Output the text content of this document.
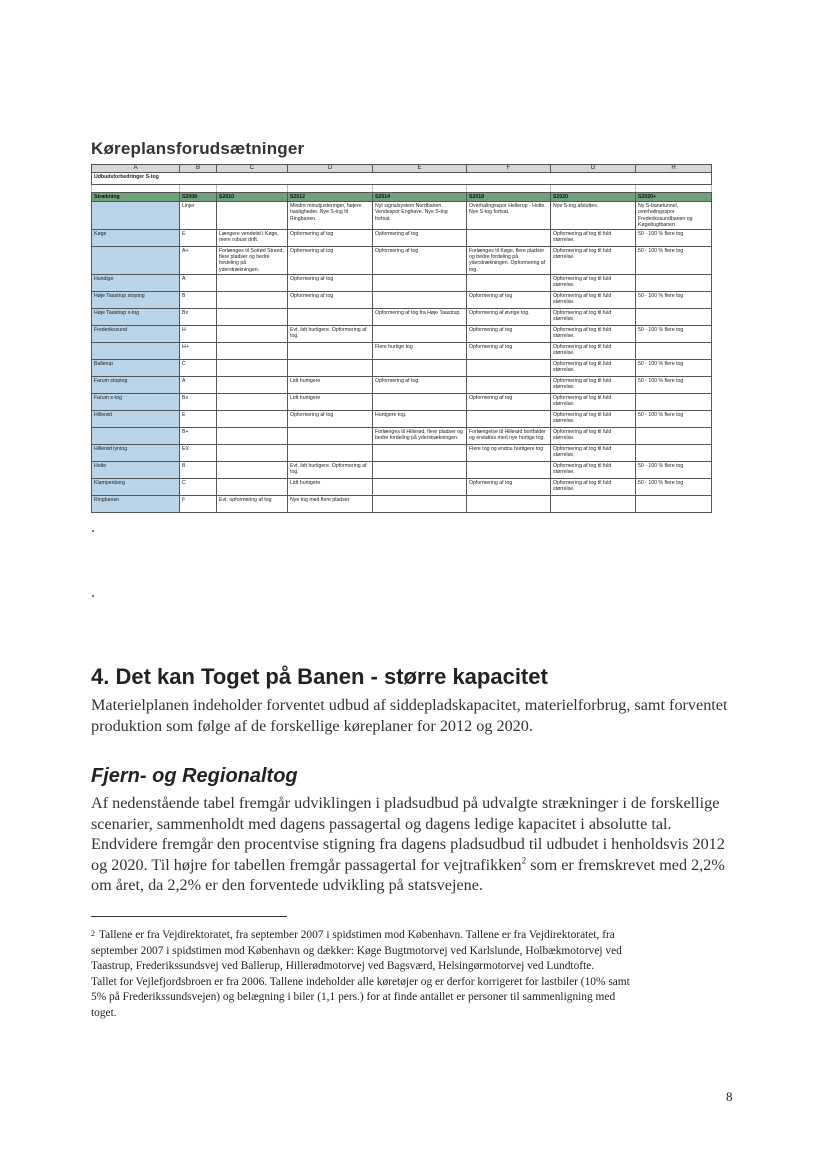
Køreplansforudsætninger
A	B	C	D	E	F	G	H
Udbudsforbedringer S-tog							

Strækning	S2008	S2010	S2012	S2014	S2018	S2020	S2020+
	Linjer		Mindre minutjusteringer, højere hastigheder. Nye S-tog til Ringbanen.	Nyt signalsystem Nordbanen. Vendespor Enghave. Nye S-tog fortsat.	Overhalingsspor Hellerup - Holte. Nye S-tog fortsat.	Nye S-tog afsluttes.	Ny S-banetunnel, overhalingsspor Frederikssundbanen og Køgebugtbanen
Køge	E	Længere vendetid i Køge, mere robust drift.	Opformering af tog	Opformering af tog		Opformering af tog til fuld størrelse.	50 - 100 % flere tog
	A+	Forlænges til Solrød Strand, flere pladser og bedre fordeling på yderstrækningen.	Opformering af tog	Opformering af tog	Forlænges til Køge, flere pladser og bedre fordeling på yderstrækningen. Opformering af tog.	Opformering af tog til fuld størrelse.	50 - 100 % flere tog
Hundige	A		Opformering af tog			Opformering af tog til fuld størrelse.	
Høje Taastrup stoptog	B		Opformering af tog		Opformering af tog	Opformering af tog til fuld størrelse.	50 - 100 % flere tog
Høje Taastrup x-tog	Bx			Opformering af tog fra Høje Taastrup.	Opformering af øvrige tog.	Opformering af tog til fuld størrelse.	
Frederikssund	H		Evt. lidt hurtigere. Opformering af tog.		Opformering af tog	Opformering af tog til fuld størrelse.	50 - 100 % flere tog
	H+			Flere hurtige tog	Opformering af tog	Opformering af tog til fuld størrelse.	
Ballerup	C					Opformering af tog til fuld størrelse.	50 - 100 % flere tog
Farum stoptog	A		Lidt hurtigere	Opformering af tog		Opformering af tog til fuld størrelse.	50 - 100 % flere tog
Farum x-tog	Bx		Lidt hurtigere		Opformering af tog	Opformering af tog til fuld størrelse.	
Hillerød	E		Opformering af tog	Hurtigere tog.		Opformering af tog til fuld størrelse.	50 - 100 % flere tog
	B+			Forlænges til Hillerød, flere pladser og bedre fordeling på yderstrækningen.	Forlængelse til Hillerød bortfalder og erstattes med nye hurtige tog.	Opformering af tog til fuld størrelse.	
Hillerød lyntog	EX				Flere tog og endnu hurtigere tog	Opformering af tog til fuld størrelse.	
Holte	B		Evt. lidt hurtigere. Opformering af tog.			Opformering af tog til fuld størrelse.	50 - 100 % flere tog
Klampenborg	C		Lidt hurtigere		Opformering af tog	Opformering af tog til fuld størrelse.	50 - 100 % flere tog
Ringbanen	F	Evt. opformering af tog	Nye tog med flere pladser				
4. Det kan Toget på Banen - større kapacitet
Materielplanen indeholder forventet udbud af siddepladskapacitet, materielforbrug, samt forventet produktion som følge af de forskellige køreplaner for 2012 og 2020.
Fjern- og Regionaltog
Af nedenstående tabel fremgår udviklingen i pladsudbud på udvalgte strækninger i de forskellige scenarier, sammenholdt med dagens passagertal og dagens ledige kapacitet i absolutte tal. Endvidere fremgår den procentvise stigning fra dagens pladsudbud til udbudet i henholdsvis 2012 og 2020. Til højre for tabellen fremgår passagertal for vejtrafikken$^2$ som er fremskrevet med 2,2% om året, da 2,2% er den forventede udvikling på statsvejene.
$^2$ Tallene er fra Vejdirektoratet, fra september 2007 i spidstimen mod København. Tallene er fra Vejdirektoratet, fra
september 2007 i spidstimen mod København og dækker: Køge Bugtmotorvej ved Karlslunde, Holbækmotorvej ved
Taastrup, Frederikssundsvej ved Ballerup, Hillerødmotorvej ved Bagsværd, Helsingørmotorvej ved Lundtofte.
Tallet for Vejlefjordsbroen er fra 2006. Tallene indeholder alle køretøjer og er derfor korrigeret for lastbiler (10% samt
5% på Frederikssundsvejen) og belægning i biler (1,1 pers.) for at finde antallet er personer til sammenligning med
toget.
8
